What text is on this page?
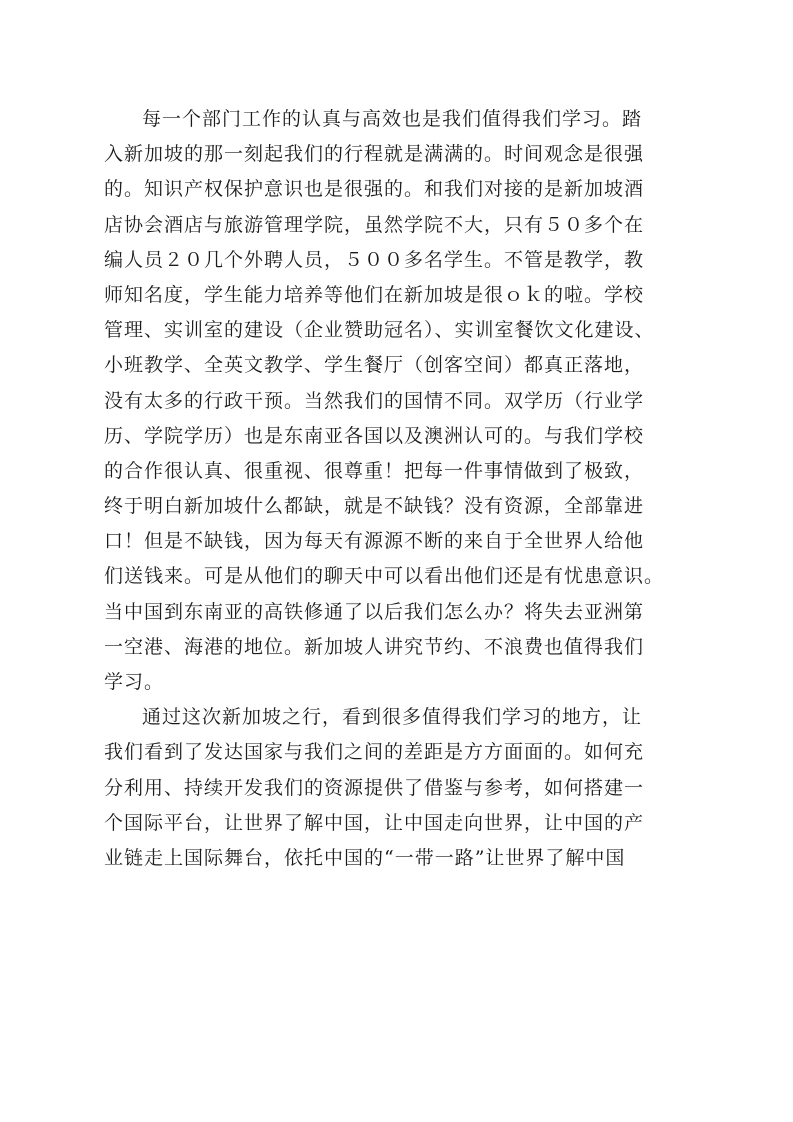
每一个部门工作的认真与高效也是我们值得我们学习。踏
入新加坡的那一刻起我们的行程就是满满的。时间观念是很强
的。知识产权保护意识也是很强的。和我们对接的是新加坡酒
店协会酒店与旅游管理学院，虽然学院不大，只有５０多个在
编人员２０几个外聘人员，５００多名学生。不管是教学，教
师知名度，学生能力培养等他们在新加坡是很ｏｋ的啦。学校
管理、实训室的建设（企业赞助冠名）、实训室餐饮文化建设、
小班教学、全英文教学、学生餐厅（创客空间）都真正落地，
没有太多的行政干预。当然我们的国情不同。双学历（行业学
历、学院学历）也是东南亚各国以及澳洲认可的。与我们学校
的合作很认真、很重视、很尊重！把每一件事情做到了极致，
终于明白新加坡什么都缺，就是不缺钱？没有资源，全部靠进
口！但是不缺钱，因为每天有源源不断的来自于全世界人给他
们送钱来。可是从他们的聊天中可以看出他们还是有忧患意识。
当中国到东南亚的高铁修通了以后我们怎么办？将失去亚洲第
一空港、海港的地位。新加坡人讲究节约、不浪费也值得我们
学习。
通过这次新加坡之行，看到很多值得我们学习的地方，让
我们看到了发达国家与我们之间的差距是方方面面的。如何充
分利用、持续开发我们的资源提供了借鉴与参考，如何搭建一
个国际平台，让世界了解中国，让中国走向世界，让中国的产
业链走上国际舞台，依托中国的“一带一路”让世界了解中国
